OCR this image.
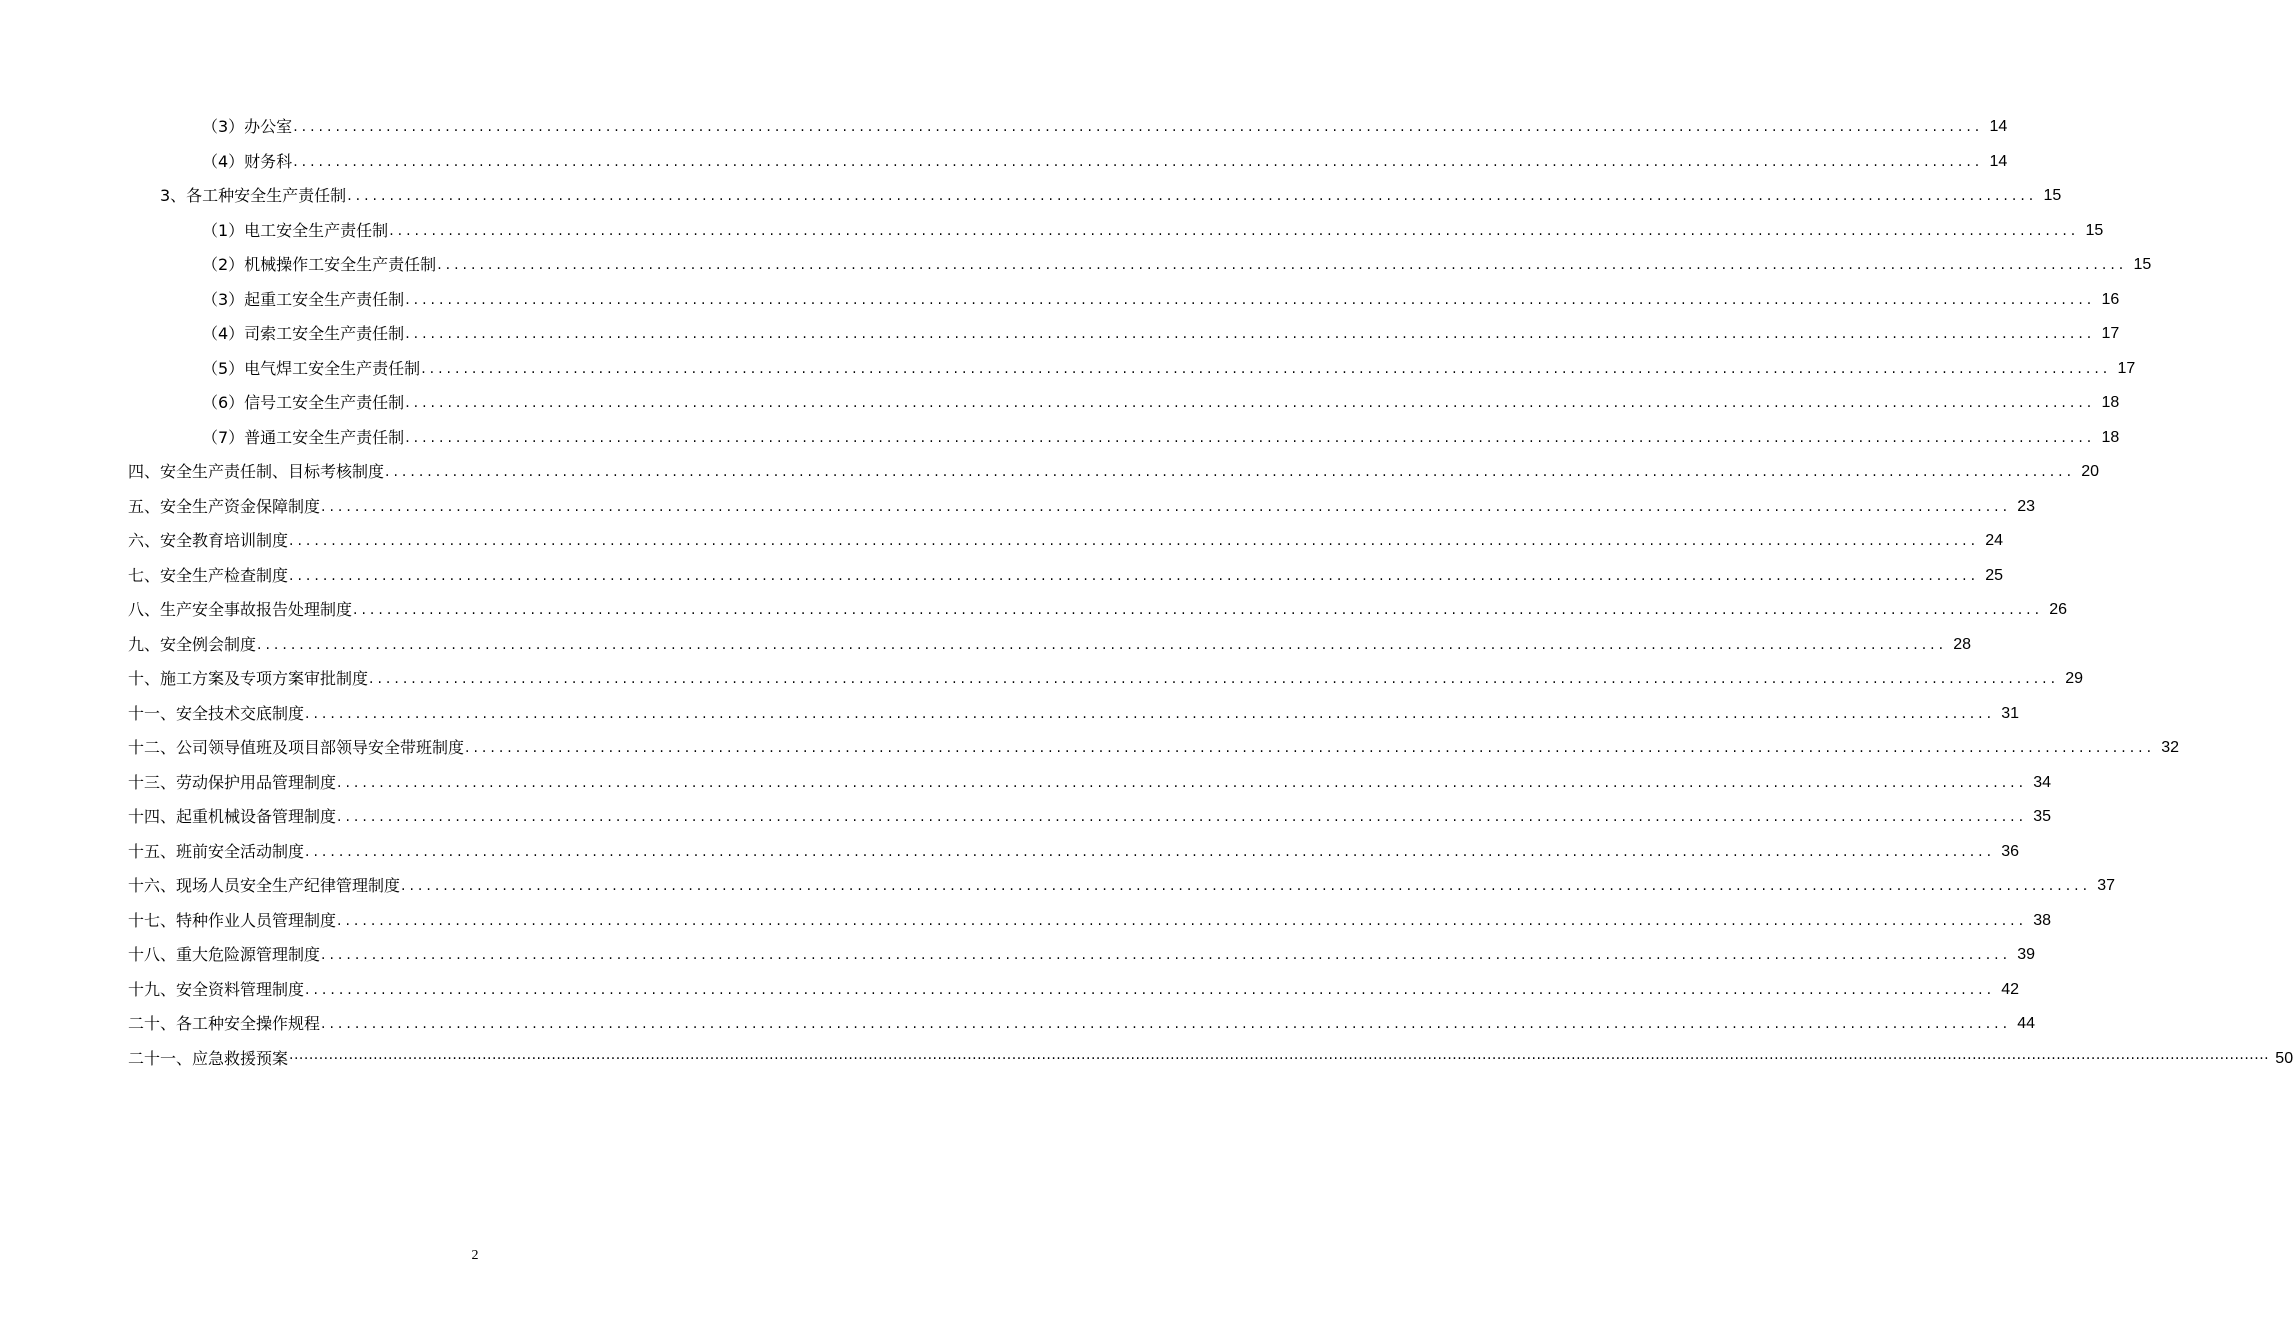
（3）办公室 ........................................................................................................................................................................................................ 14
（4）财务科 ........................................................................................................................................................................................................ 14
3、各工种安全生产责任制 ........................................................................................................................................................................................................ 15
（1）电工安全生产责任制 ........................................................................................................................................................................................................ 15
（2）机械操作工安全生产责任制 ........................................................................................................................................................................................................ 15
（3）起重工安全生产责任制 ........................................................................................................................................................................................................ 16
（4）司索工安全生产责任制 ........................................................................................................................................................................................................ 17
（5）电气焊工安全生产责任制 ........................................................................................................................................................................................................ 17
（6）信号工安全生产责任制 ........................................................................................................................................................................................................ 18
（7）普通工安全生产责任制 ........................................................................................................................................................................................................ 18
四、安全生产责任制、目标考核制度 ........................................................................................................................................................................................................ 20
五、安全生产资金保障制度 ........................................................................................................................................................................................................ 23
六、安全教育培训制度 ........................................................................................................................................................................................................ 24
七、安全生产检查制度 ........................................................................................................................................................................................................ 25
八、生产安全事故报告处理制度 ........................................................................................................................................................................................................ 26
九、安全例会制度 ........................................................................................................................................................................................................ 28
十、施工方案及专项方案审批制度 ........................................................................................................................................................................................................ 29
十一、安全技术交底制度 ........................................................................................................................................................................................................ 31
十二、公司领导值班及项目部领导安全带班制度 ........................................................................................................................................................................................................ 32
十三、劳动保护用品管理制度 ........................................................................................................................................................................................................ 34
十四、起重机械设备管理制度 ........................................................................................................................................................................................................ 35
十五、班前安全活动制度 ........................................................................................................................................................................................................ 36
十六、现场人员安全生产纪律管理制度 ........................................................................................................................................................................................................ 37
十七、特种作业人员管理制度 ........................................................................................................................................................................................................ 38
十八、重大危险源管理制度 ........................................................................................................................................................................................................ 39
十九、安全资料管理制度 ........................................................................................................................................................................................................ 42
二十、各工种安全操作规程 ........................................................................................................................................................................................................ 44
二十一、应急救援预案 ················································································································································································································································································································································································································ 50
2
